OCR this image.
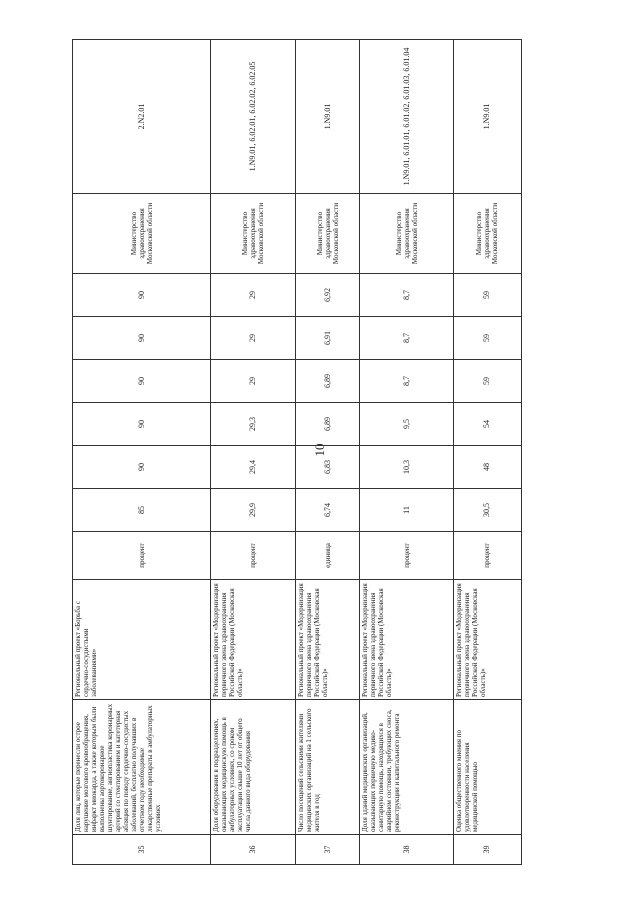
10
35	Доля лиц, которые перенесли острое нарушение мозгового кровообращения, инфаркт миокарда, а также которым были выполнены аортокоронарное шунтирование, ангиопластика коронарных артерий со стентированием и катетерная абляция по поводу сердечно-сосудистых заболеваний, бесплатно получавших в отчетном году необходимые лекарственные препараты в амбулаторных условиях	Региональный проект «Борьба с сердечно-сосудистыми заболеваниями»	процент	85	90	90	90	90	90	Министерство здравоохранения Московской области	2.N2.01
36	Доля оборудования в подразделениях, оказывающих медицинскую помощь в амбулаторных условиях, со сроком эксплуатации свыше 10 лет от общего числа данного вида оборудования	Региональный проект «Модернизация первичного звена здравоохранения Российской Федерации (Московская область)»	процент	29,9	29,4	29,3	29	29	29	Министерство здравоохранения Московской области	1.N9.01, 6.02.01, 6.02.02, 6.02.05
37	Число посещений сельскими жителями медицинских организаций на 1 сельского жителя в год	Региональный проект «Модернизация первичного звена здравоохранения Российской Федерации (Московская область)»	единица	6,74	6,83	6,89	6,89	6,91	6,92	Министерство здравоохранения Московской области	1.N9.01
38	Доля зданий медицинских организаций, оказывающих первичную медико-санитарную помощь, находящихся в аварийном состоянии, требующих сноса, реконструкции и капитального ремонта	Региональный проект «Модернизация первичного звена здравоохранения Российской Федерации (Московская область)»	процент	11	10,3	9,5	8,7	8,7	8,7	Министерство здравоохранения Московской области	1.N9.01, 6.01.01, 6.01.02, 6.01.03, 6.01.04
39	Оценка общественного мнения по удовлетворенности населения медицинской помощью	Региональный проект «Модернизация первичного звена здравоохранения Российской Федерации (Московская область)»	процент	30,5	48	54	59	59	59	Министерство здравоохранения Московской области	1.N9.01
